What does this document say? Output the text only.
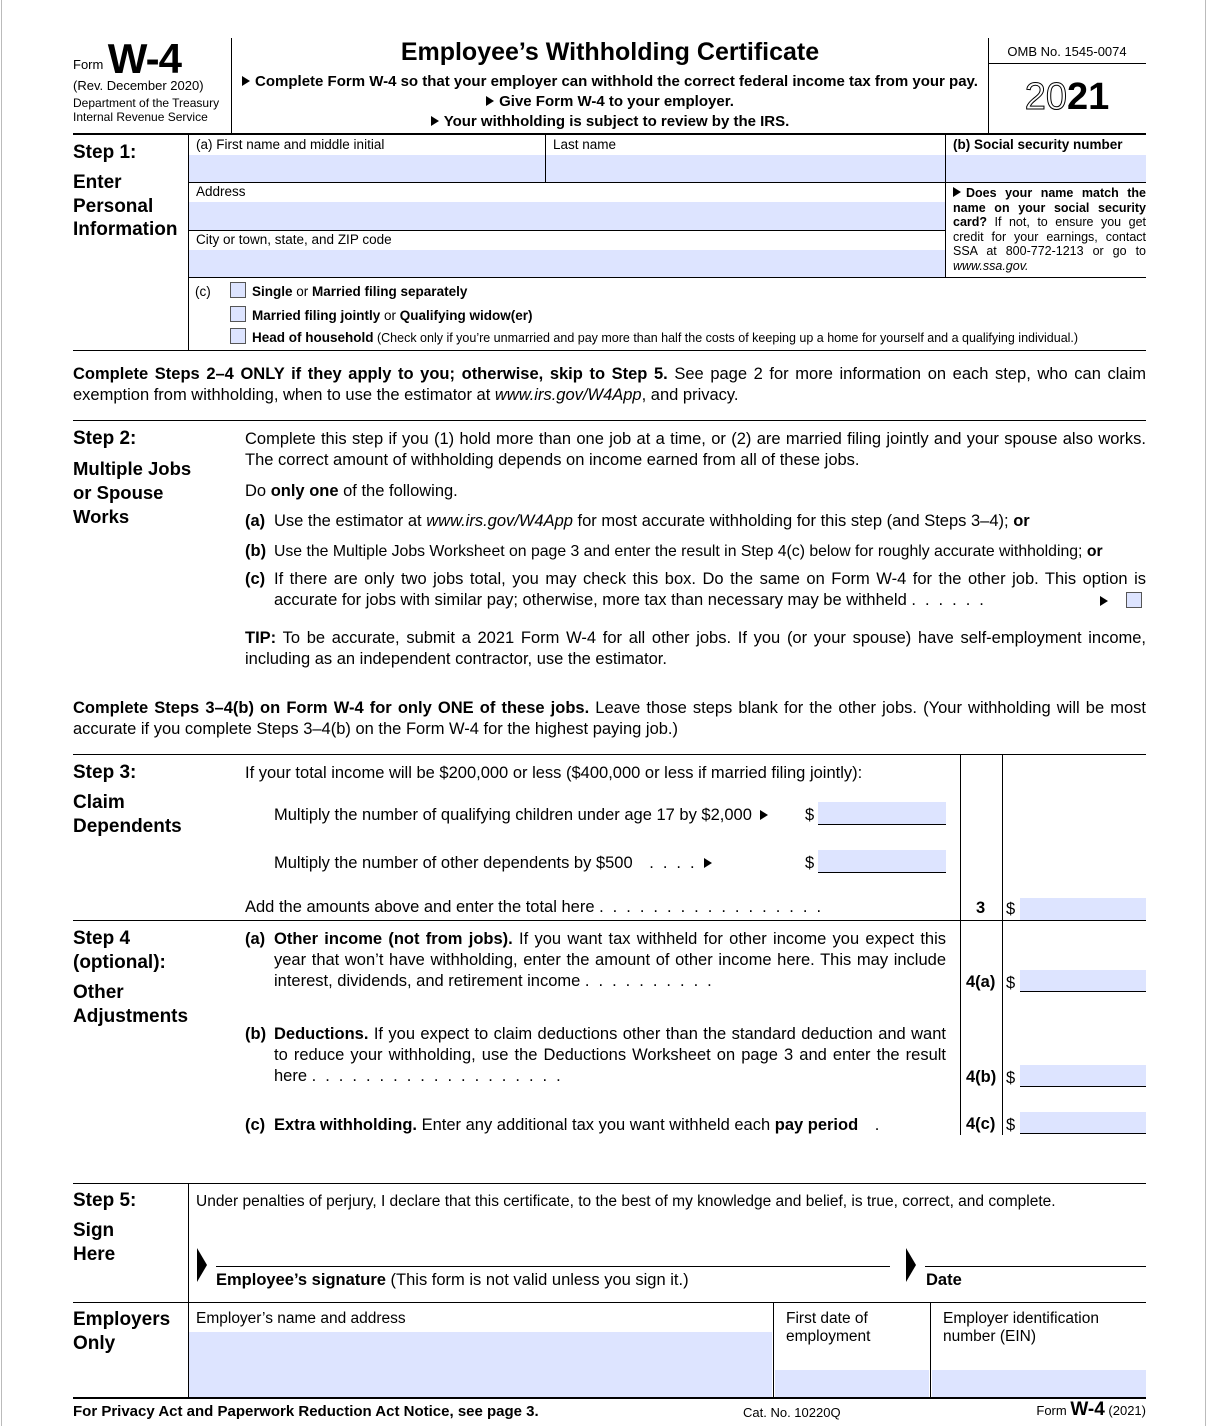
$^{Form}$ W-4
(Rev. December 2020)
Department of the Treasury
Internal Revenue Service
Employee’s Withholding Certificate
Complete Form W-4 so that your employer can withhold the correct federal income tax from your pay.
Give Form W-4 to your employer.
Your withholding is subject to review by the IRS.
OMB No. 1545-0074
2021
Step 1:
Enter
Personal
Information
(a) First name and middle initial	Last name	(b) Social security number
Address
City or town, state, and ZIP code
Does your name match the name on your social security card? If not, to ensure you get credit for your earnings, contact SSA at 800-772-1213 or go to www.ssa.gov.
(c)	Single or Married filing separately
Married filing jointly or Qualifying widow(er)
Head of household (Check only if you’re unmarried and pay more than half the costs of keeping up a home for yourself and a qualifying individual.)
Complete Steps 2–4 ONLY if they apply to you; otherwise, skip to Step 5. See page 2 for more information on each step, who can claim exemption from withholding, when to use the estimator at www.irs.gov/W4App, and privacy.
Step 2:
Multiple Jobs
or Spouse
Works
Complete this step if you (1) hold more than one job at a time, or (2) are married filing jointly and your spouse also works. The correct amount of withholding depends on income earned from all of these jobs.
Do only one of the following.
(a) Use the estimator at www.irs.gov/W4App for most accurate withholding for this step (and Steps 3–4); or
(b) Use the Multiple Jobs Worksheet on page 3 and enter the result in Step 4(c) below for roughly accurate withholding; or
(c) If there are only two jobs total, you may check this box. Do the same on Form W-4 for the other job. This option is accurate for jobs with similar pay; otherwise, more tax than necessary may be withheld ......
TIP: To be accurate, submit a 2021 Form W-4 for all other jobs. If you (or your spouse) have self-employment income, including as an independent contractor, use the estimator.
Complete Steps 3–4(b) on Form W-4 for only ONE of these jobs. Leave those steps blank for the other jobs. (Your withholding will be most accurate if you complete Steps 3–4(b) on the Form W-4 for the highest paying job.)
Step 3:
Claim
Dependents
If your total income will be $200,000 or less ($400,000 or less if married filing jointly):
Multiply the number of qualifying children under age 17 by $2,000	$
Multiply the number of other dependents by $500 ....	$
Add the amounts above and enter the total here .................	3 $
Step 4
(optional):
Other
Adjustments
(a) Other income (not from jobs). If you want tax withheld for other income you expect this year that won’t have withholding, enter the amount of other income here. This may include interest, dividends, and retirement income ..........	4(a) $
(b) Deductions. If you expect to claim deductions other than the standard deduction and want to reduce your withholding, use the Deductions Worksheet on page 3 and enter the result here ...................	4(b) $
(c) Extra withholding. Enter any additional tax you want withheld each pay period .	4(c) $
Step 5:
Sign
Here
Under penalties of perjury, I declare that this certificate, to the best of my knowledge and belief, is true, correct, and complete.
Employee’s signature (This form is not valid unless you sign it.)	Date
Employers
Only
Employer’s name and address	First date of employment
Employer identification number (EIN)
For Privacy Act and Paperwork Reduction Act Notice, see page 3.	Cat. No. 10220Q	Form W-4 (2021)
